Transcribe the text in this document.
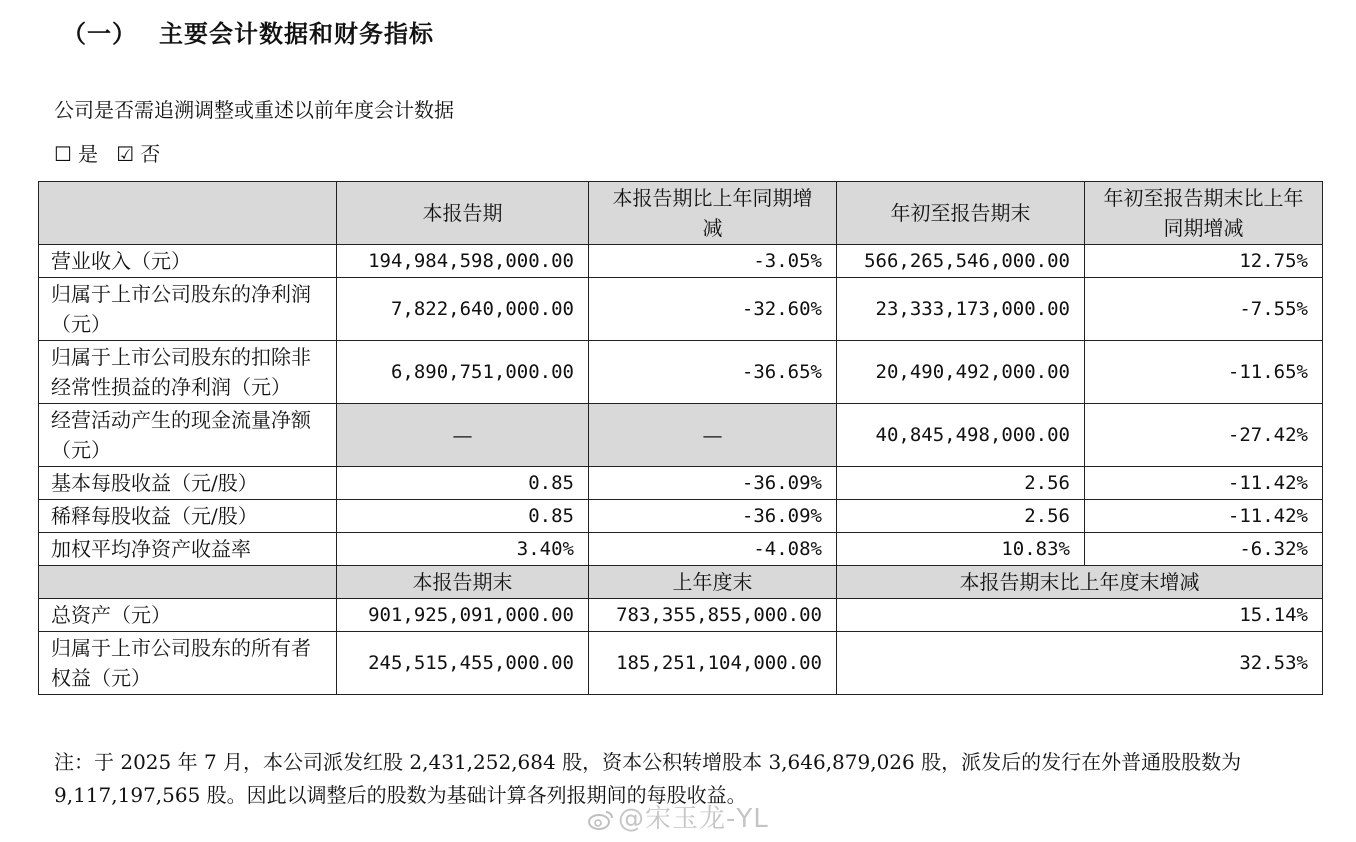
（一） 主要会计数据和财务指标
公司是否需追溯调整或重述以前年度会计数据
☐ 是 ☑ 否
	本报告期	本报告期比上年同期增减	年初至报告期末	年初至报告期末比上年同期增减
营业收入（元）	194,984,598,000.00	-3.05%	566,265,546,000.00	12.75%
归属于上市公司股东的净利润（元）	7,822,640,000.00	-32.60%	23,333,173,000.00	-7.55%
归属于上市公司股东的扣除非经常性损益的净利润（元）	6,890,751,000.00	-36.65%	20,490,492,000.00	-11.65%
经营活动产生的现金流量净额（元）	—	—	40,845,498,000.00	-27.42%
基本每股收益（元/股）	0.85	-36.09%	2.56	-11.42%
稀释每股收益（元/股）	0.85	-36.09%	2.56	-11.42%
加权平均净资产收益率	3.40%	-4.08%	10.83%	-6.32%
	本报告期末	上年度末	本报告期末比上年度末增减	
总资产（元）	901,925,091,000.00	783,355,855,000.00	15.14%	
归属于上市公司股东的所有者权益（元）	245,515,455,000.00	185,251,104,000.00	32.53%	
注：于 2025 年 7 月，本公司派发红股 2,431,252,684 股，资本公积转增股本 3,646,879,026 股，派发后的发行在外普通股股数为 9,117,197,565 股。因此以调整后的股数为基础计算各列报期间的每股收益。
@宋玉龙-YL
